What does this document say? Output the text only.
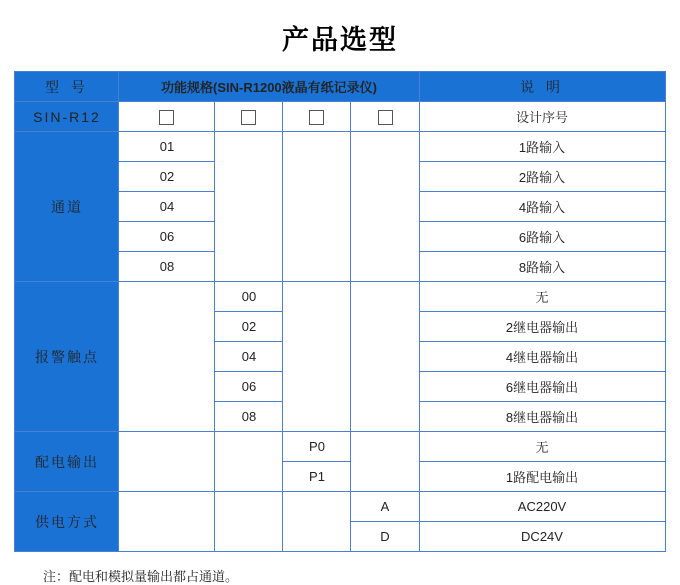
产品选型
型 号	功能规格(SIN-R1200液晶有纸记录仪)				说 明
SIN-R12					设计序号
通道	01				1路输入
	02				2路输入
	04				4路输入
	06				6路输入
	08				8路输入
报警触点		00			无
		02			2继电器输出
		04			4继电器输出
		06			6继电器输出
		08			8继电器输出
配电输出			P0		无
			P1		1路配电输出
供电方式				A	AC220V
				D	DC24V
注：配电和模拟量输出都占通道。
